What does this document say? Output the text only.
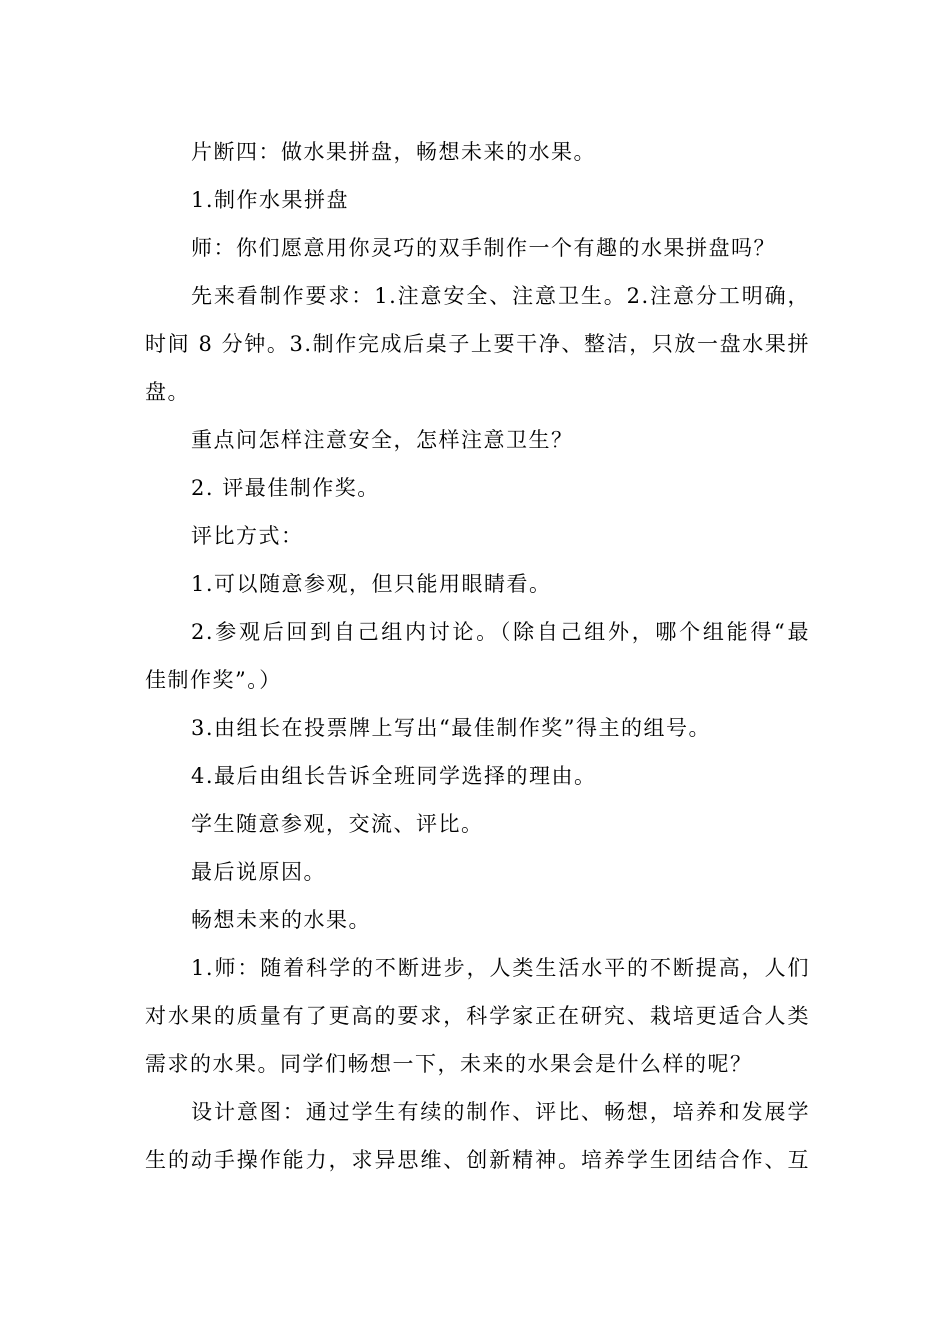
片断四：做水果拼盘，畅想未来的水果。
1.制作水果拼盘
师：你们愿意用你灵巧的双手制作一个有趣的水果拼盘吗？
先来看制作要求：1.注意安全、注意卫生。2.注意分工明确，
时间 8 分钟。3.制作完成后桌子上要干净、整洁，只放一盘水果拼
盘。
重点问怎样注意安全，怎样注意卫生？
2. 评最佳制作奖。
评比方式：
1.可以随意参观，但只能用眼睛看。
2.参观后回到自己组内讨论。（除自己组外，哪个组能得“最
佳制作奖”。）
3.由组长在投票牌上写出“最佳制作奖”得主的组号。
4.最后由组长告诉全班同学选择的理由。
学生随意参观，交流、评比。
最后说原因。
畅想未来的水果。
1.师：随着科学的不断进步，人类生活水平的不断提高，人们
对水果的质量有了更高的要求，科学家正在研究、栽培更适合人类
需求的水果。同学们畅想一下，未来的水果会是什么样的呢？
设计意图：通过学生有续的制作、评比、畅想，培养和发展学
生的动手操作能力，求异思维、创新精神。培养学生团结合作、互
